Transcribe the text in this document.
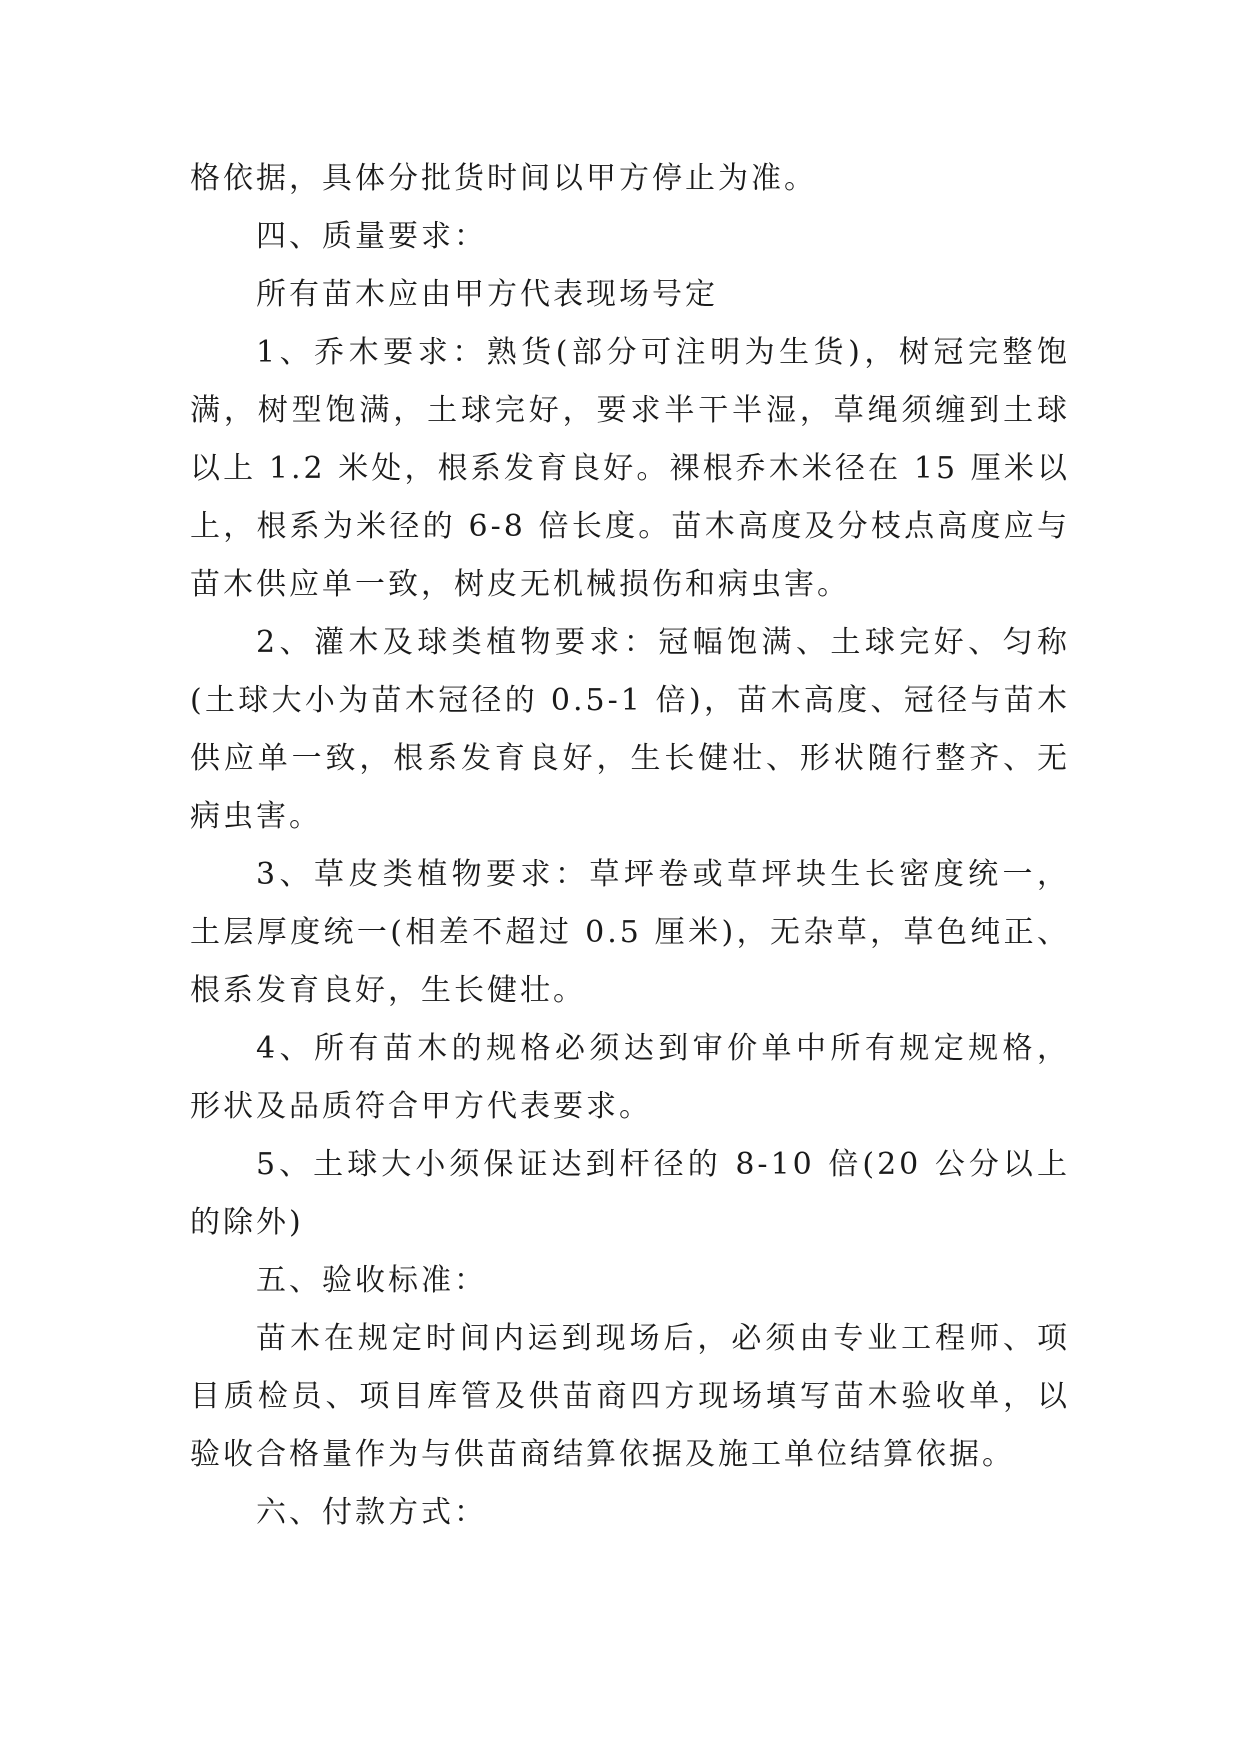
格依据，具体分批货时间以甲方停止为准。

四、质量要求：

所有苗木应由甲方代表现场号定

1、乔木要求：熟货(部分可注明为生货)，树冠完整饱满，树型饱满，土球完好，要求半干半湿，草绳须缠到土球以上 1.2 米处，根系发育良好。裸根乔木米径在 15 厘米以上，根系为米径的 6-8 倍长度。苗木高度及分枝点高度应与苗木供应单一致，树皮无机械损伤和病虫害。

2、灌木及球类植物要求：冠幅饱满、土球完好、匀称(土球大小为苗木冠径的 0.5-1 倍)，苗木高度、冠径与苗木供应单一致，根系发育良好，生长健壮、形状随行整齐、无病虫害。

3、草皮类植物要求：草坪卷或草坪块生长密度统一，土层厚度统一(相差不超过 0.5 厘米)，无杂草，草色纯正、根系发育良好，生长健壮。

4、所有苗木的规格必须达到审价单中所有规定规格，形状及品质符合甲方代表要求。

5、土球大小须保证达到杆径的 8-10 倍(20 公分以上的除外)

五、验收标准：

苗木在规定时间内运到现场后，必须由专业工程师、项目质检员、项目库管及供苗商四方现场填写苗木验收单，以验收合格量作为与供苗商结算依据及施工单位结算依据。

六、付款方式：
